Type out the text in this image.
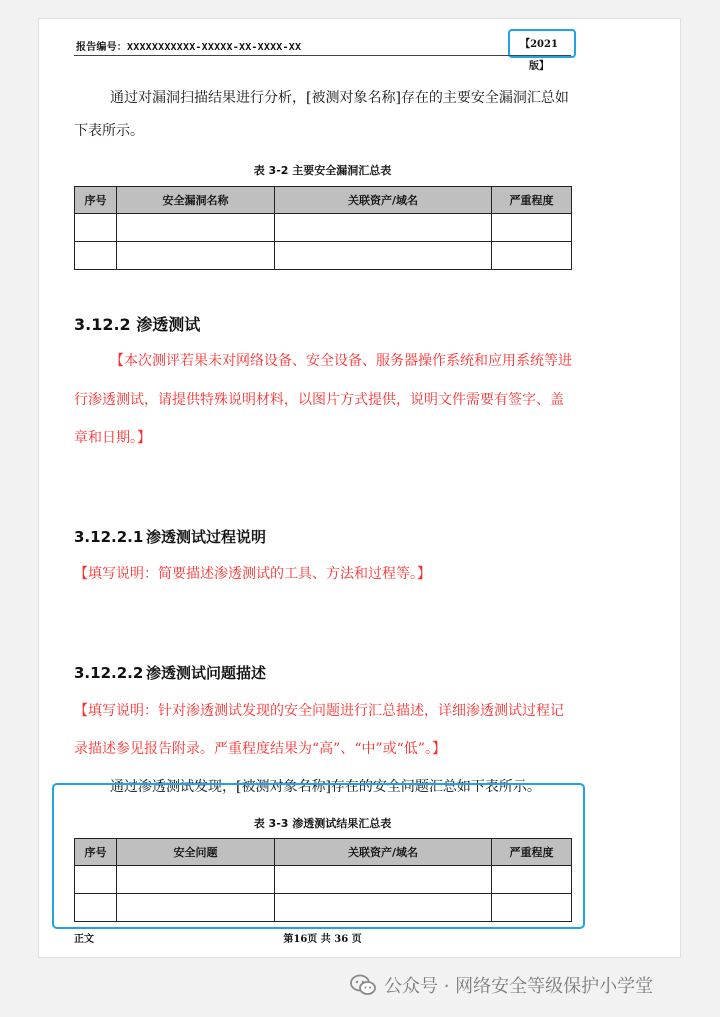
报告编号：XXXXXXXXXXX-XXXXX-XX-XXXX-XX	【2021 版】
通过对漏洞扫描结果进行分析，[被测对象名称]存在的主要安全漏洞汇总如
下表所示。
表 3-2 主要安全漏洞汇总表
序号	安全漏洞名称	关联资产/域名	严重程度

3.12.2 渗透测试
【本次测评若果未对网络设备、安全设备、服务器操作系统和应用系统等进
行渗透测试，请提供特殊说明材料，以图片方式提供，说明文件需要有签字、盖
章和日期。】
3.12.2.1 渗透测试过程说明
【填写说明：简要描述渗透测试的工具、方法和过程等。】
3.12.2.2 渗透测试问题描述
【填写说明：针对渗透测试发现的安全问题进行汇总描述，详细渗透测试过程记
录描述参见报告附录。严重程度结果为“高”、“中”或“低”。】
通过渗透测试发现，[被测对象名称]存在的安全问题汇总如下表所示。
表 3-3 渗透测试结果汇总表
序号	安全问题	关联资产/域名	严重程度

正文	第16页 共 36 页
公众号 · 网络安全等级保护小学堂
